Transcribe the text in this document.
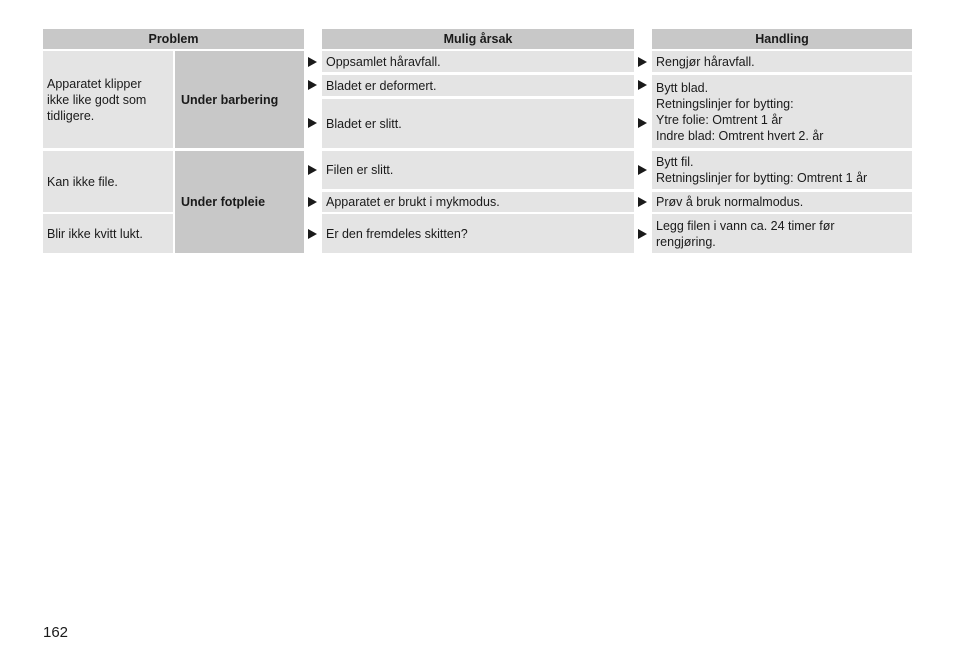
Problem	Mulig årsak	Handling
Apparatet klipper ikke like godt som tidligere.
Kan ikke file.
Blir ikke kvitt lukt.
Under barbering
Under fotpleie
Oppsamlet håravfall.
Bladet er deformert.
Bladet er slitt.
Filen er slitt.
Apparatet er brukt i mykmodus.
Er den fremdeles skitten?
Rengjør håravfall.
Bytt blad.
Retningslinjer for bytting:
Ytre folie: Omtrent 1 år
Indre blad: Omtrent hvert 2. år
Bytt fil.
Retningslinjer for bytting: Omtrent 1 år
Prøv å bruk normalmodus.
Legg filen i vann ca. 24 timer før
rengjøring.
162
